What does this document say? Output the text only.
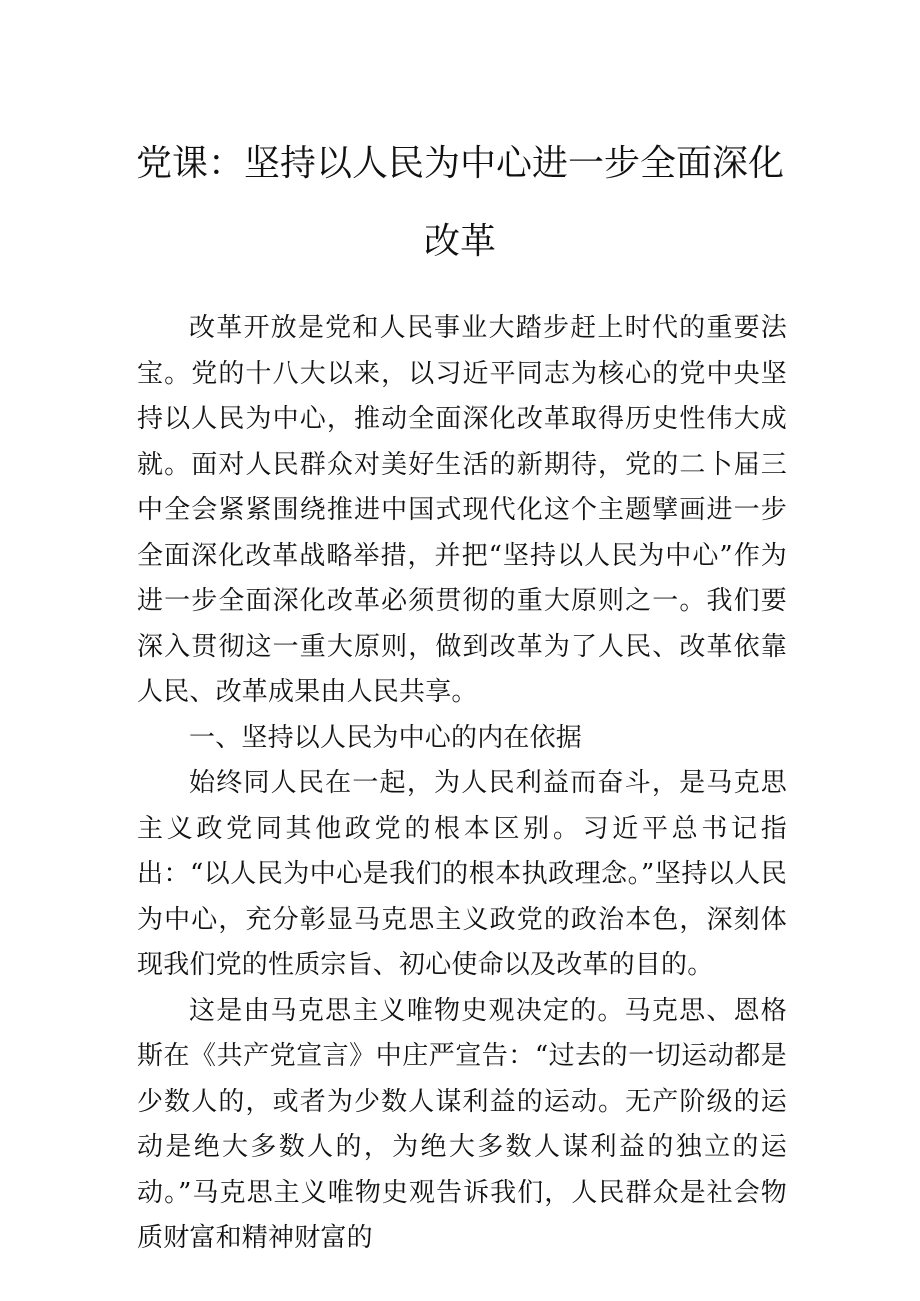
党课：坚持以人民为中心进一步全面深化
改革

改革开放是党和人民事业大踏步赶上时代的重要法宝。党的十八大以来，以习近平同志为核心的党中央坚持以人民为中心，推动全面深化改革取得历史性伟大成就。面对人民群众对美好生活的新期待，党的二卜届三中全会紧紧围绕推进中国式现代化这个主题擘画进一步全面深化改革战略举措，并把“坚持以人民为中心”作为进一步全面深化改革必须贯彻的重大原则之一。我们要深入贯彻这一重大原则，做到改革为了人民、改革依靠人民、改革成果由人民共享。

一、坚持以人民为中心的内在依据

始终同人民在一起，为人民利益而奋斗，是马克思主义政党同其他政党的根本区别。习近平总书记指出：“以人民为中心是我们的根本执政理念。”坚持以人民为中心，充分彰显马克思主义政党的政治本色，深刻体现我们党的性质宗旨、初心使命以及改革的目的。

这是由马克思主义唯物史观决定的。马克思、恩格斯在《共产党宣言》中庄严宣告：“过去的一切运动都是少数人的，或者为少数人谋利益的运动。无产阶级的运动是绝大多数人的，为绝大多数人谋利益的独立的运动。”马克思主义唯物史观告诉我们，人民群众是社会物质财富和精神财富的
